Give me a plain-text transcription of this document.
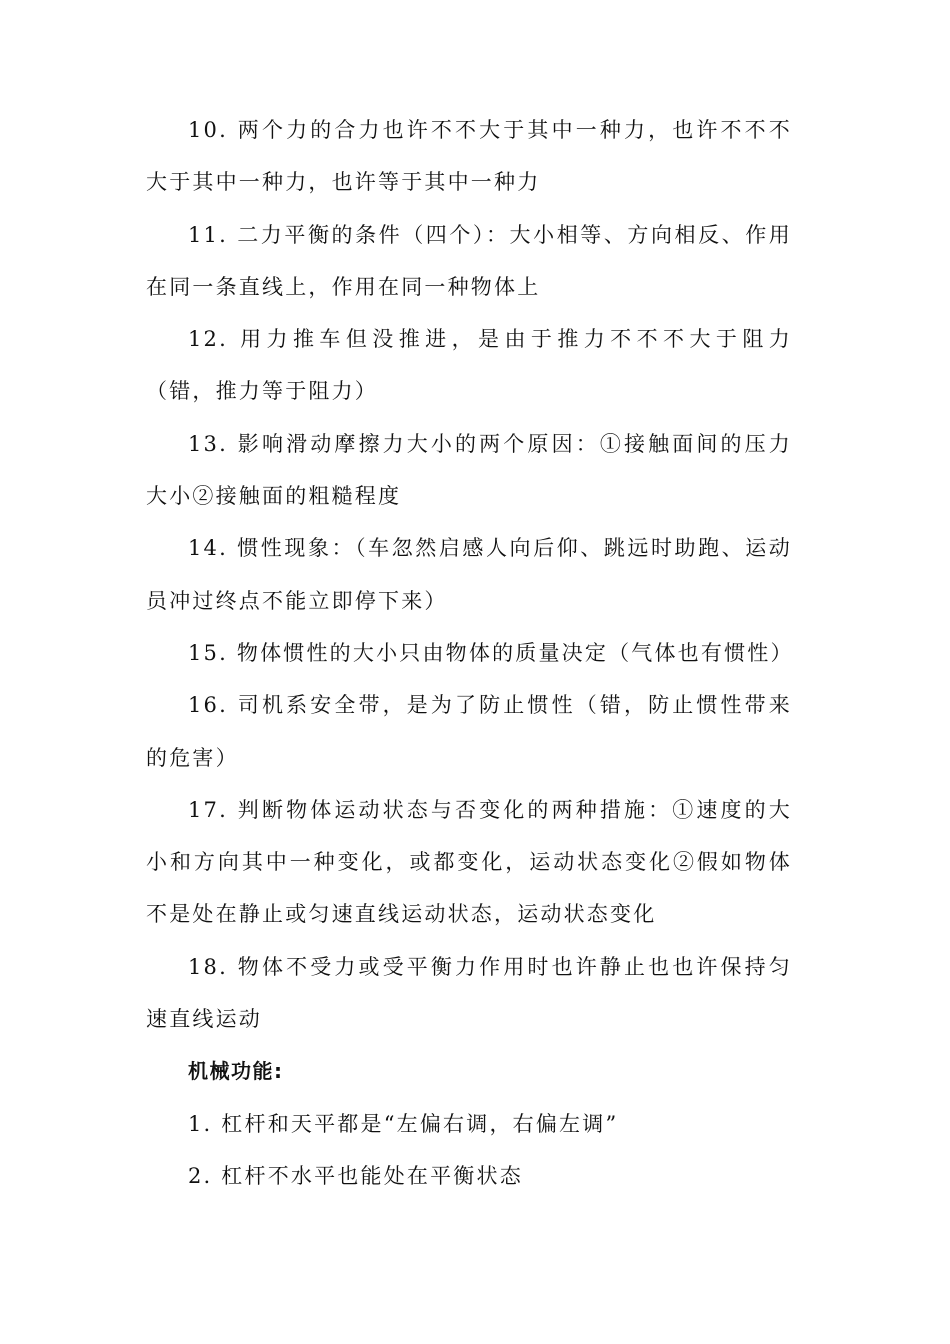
10. 两个力的合力也许不不大于其中一种力，也许不不不大于其中一种力，也许等于其中一种力

11. 二力平衡的条件（四个）：大小相等、方向相反、作用在同一条直线上，作用在同一种物体上

12. 用力推车但没推进，是由于推力不不不大于阻力（错，推力等于阻力）

13. 影响滑动摩擦力大小的两个原因：①接触面间的压力大小②接触面的粗糙程度

14. 惯性现象：（车忽然启感人向后仰、跳远时助跑、运动员冲过终点不能立即停下来）

15. 物体惯性的大小只由物体的质量决定（气体也有惯性）

16. 司机系安全带，是为了防止惯性（错，防止惯性带来的危害）

17. 判断物体运动状态与否变化的两种措施：①速度的大小和方向其中一种变化，或都变化，运动状态变化②假如物体不是处在静止或匀速直线运动状态，运动状态变化

18. 物体不受力或受平衡力作用时也许静止也也许保持匀速直线运动

机械功能:

1. 杠杆和天平都是“左偏右调，右偏左调”

2. 杠杆不水平也能处在平衡状态
